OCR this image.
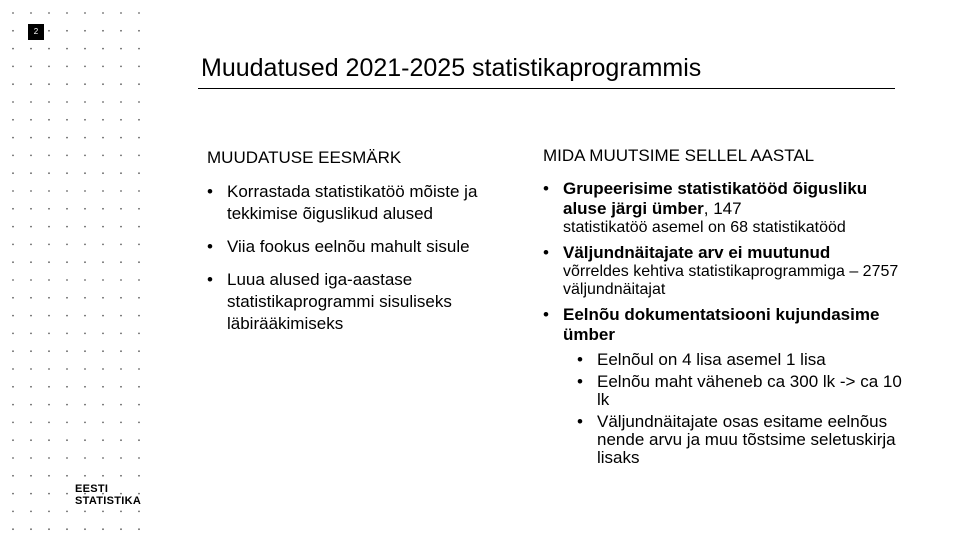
2
Muudatused 2021-2025 statistikaprogrammis
MUUDATUSE EESMÄRK
• Korrastada statistikatöö mõiste ja tekkimise õiguslikud alused
• Viia fookus eelnõu mahult sisule
• Luua alused iga-aastase statistikaprogrammi sisuliseks läbirääkimiseks
MIDA MUUTSIME SELLEL AASTAL
• Grupeerisime statistikatööd õigusliku aluse järgi ümber, 147
statistikatöö asemel on 68 statistikatööd
• Väljundnäitajate arv ei muutunud
võrreldes kehtiva statistikaprogrammiga – 2757 väljundnäitajat
• Eelnõu dokumentatsiooni kujundasime ümber
• Eelnõul on 4 lisa asemel 1 lisa
• Eelnõu maht väheneb ca 300 lk -> ca 10 lk
• Väljundnäitajate osas esitame eelnõus nende arvu ja muu tõstsime seletuskirja lisaks
EESTI
STATISTIKA
